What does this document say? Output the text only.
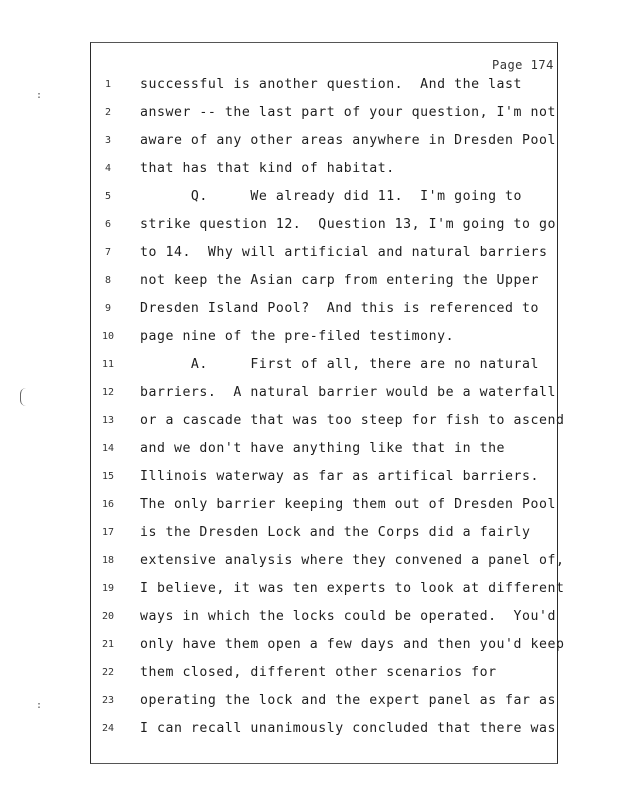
Page 174
:
:
1	successful is another question.  And the last
2	answer -- the last part of your question, I'm not
3	aware of any other areas anywhere in Dresden Pool
4	that has that kind of habitat.
5	Q.     We already did 11.  I'm going to
6	strike question 12.  Question 13, I'm going to go
7	to 14.  Why will artificial and natural barriers
8	not keep the Asian carp from entering the Upper
9	Dresden Island Pool?  And this is referenced to
10	page nine of the pre-filed testimony.
11	A.     First of all, there are no natural
12	barriers.  A natural barrier would be a waterfall
13	or a cascade that was too steep for fish to ascend
14	and we don't have anything like that in the
15	Illinois waterway as far as artifical barriers.
16	The only barrier keeping them out of Dresden Pool
17	is the Dresden Lock and the Corps did a fairly
18	extensive analysis where they convened a panel of,
19	I believe, it was ten experts to look at different
20	ways in which the locks could be operated.  You'd
21	only have them open a few days and then you'd keep
22	them closed, different other scenarios for
23	operating the lock and the expert panel as far as
24	I can recall unanimously concluded that there was
